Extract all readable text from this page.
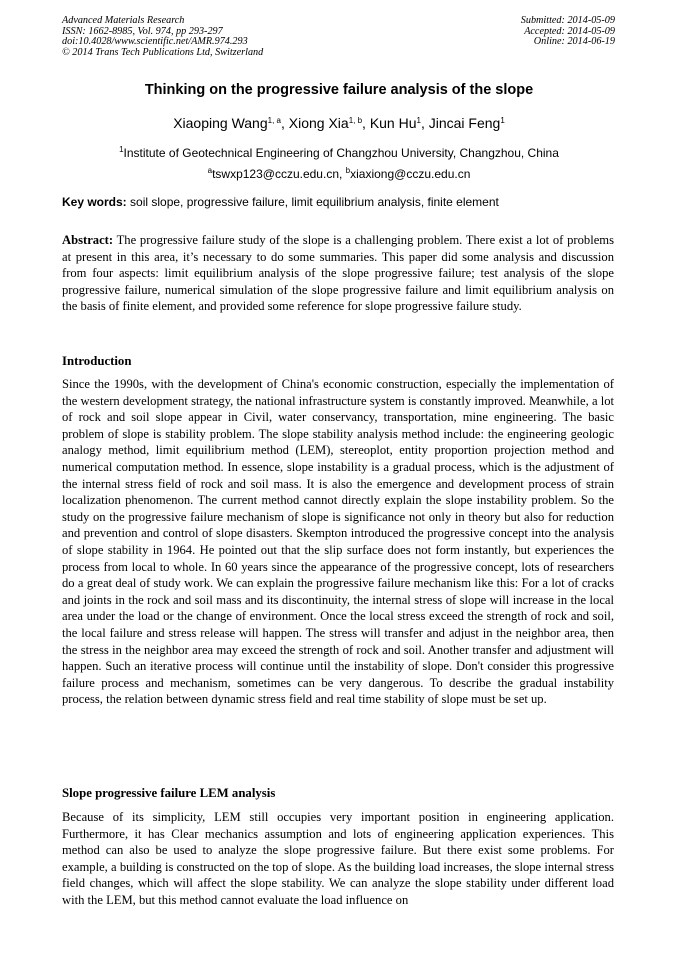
Advanced Materials Research
ISSN: 1662-8985, Vol. 974, pp 293-297
doi:10.4028/www.scientific.net/AMR.974.293
© 2014 Trans Tech Publications Ltd, Switzerland
Submitted: 2014-05-09
Accepted: 2014-05-09
Online: 2014-06-19
Thinking on the progressive failure analysis of the slope
Xiaoping Wang$^{1, a}$, Xiong Xia$^{1, b}$, Kun Hu$^1$, Jincai Feng$^1$
$^1$Institute of Geotechnical Engineering of Changzhou University, Changzhou, China
$^a$tswxp123@cczu.edu.cn, $^b$xiaxiong@cczu.edu.cn
Key words: soil slope, progressive failure, limit equilibrium analysis, finite element
Abstract: The progressive failure study of the slope is a challenging problem. There exist a lot of problems at present in this area, it’s necessary to do some summaries. This paper did some analysis and discussion from four aspects: limit equilibrium analysis of the slope progressive failure; test analysis of the slope progressive failure, numerical simulation of the slope progressive failure and limit equilibrium analysis on the basis of finite element, and provided some reference for slope progressive failure study.
Introduction
Since the 1990s, with the development of China's economic construction, especially the implementation of the western development strategy, the national infrastructure system is constantly improved. Meanwhile, a lot of rock and soil slope appear in Civil, water conservancy, transportation, mine engineering. The basic problem of slope is stability problem. The slope stability analysis method include: the engineering geologic analogy method, limit equilibrium method (LEM), stereoplot, entity proportion projection method and numerical computation method. In essence, slope instability is a gradual process, which is the adjustment of the internal stress field of rock and soil mass. It is also the emergence and development process of strain localization phenomenon. The current method cannot directly explain the slope instability problem. So the study on the progressive failure mechanism of slope is significance not only in theory but also for reduction and prevention and control of slope disasters. Skempton introduced the progressive concept into the analysis of slope stability in 1964. He pointed out that the slip surface does not form instantly, but experiences the process from local to whole. In 60 years since the appearance of the progressive concept, lots of researchers do a great deal of study work. We can explain the progressive failure mechanism like this: For a lot of cracks and joints in the rock and soil mass and its discontinuity, the internal stress of slope will increase in the local area under the load or the change of environment. Once the local stress exceed the strength of rock and soil, the local failure and stress release will happen. The stress will transfer and adjust in the neighbor area, then the stress in the neighbor area may exceed the strength of rock and soil. Another transfer and adjustment will happen. Such an iterative process will continue until the instability of slope. Don't consider this progressive failure process and mechanism, sometimes can be very dangerous. To describe the gradual instability process, the relation between dynamic stress field and real time stability of slope must be set up.
Slope progressive failure LEM analysis
Because of its simplicity, LEM still occupies very important position in engineering application. Furthermore, it has Clear mechanics assumption and lots of engineering application experiences. This method can also be used to analyze the slope progressive failure. But there exist some problems. For example, a building is constructed on the top of slope. As the building load increases, the slope internal stress field changes, which will affect the slope stability. We can analyze the slope stability under different load with the LEM, but this method cannot evaluate the load influence on
